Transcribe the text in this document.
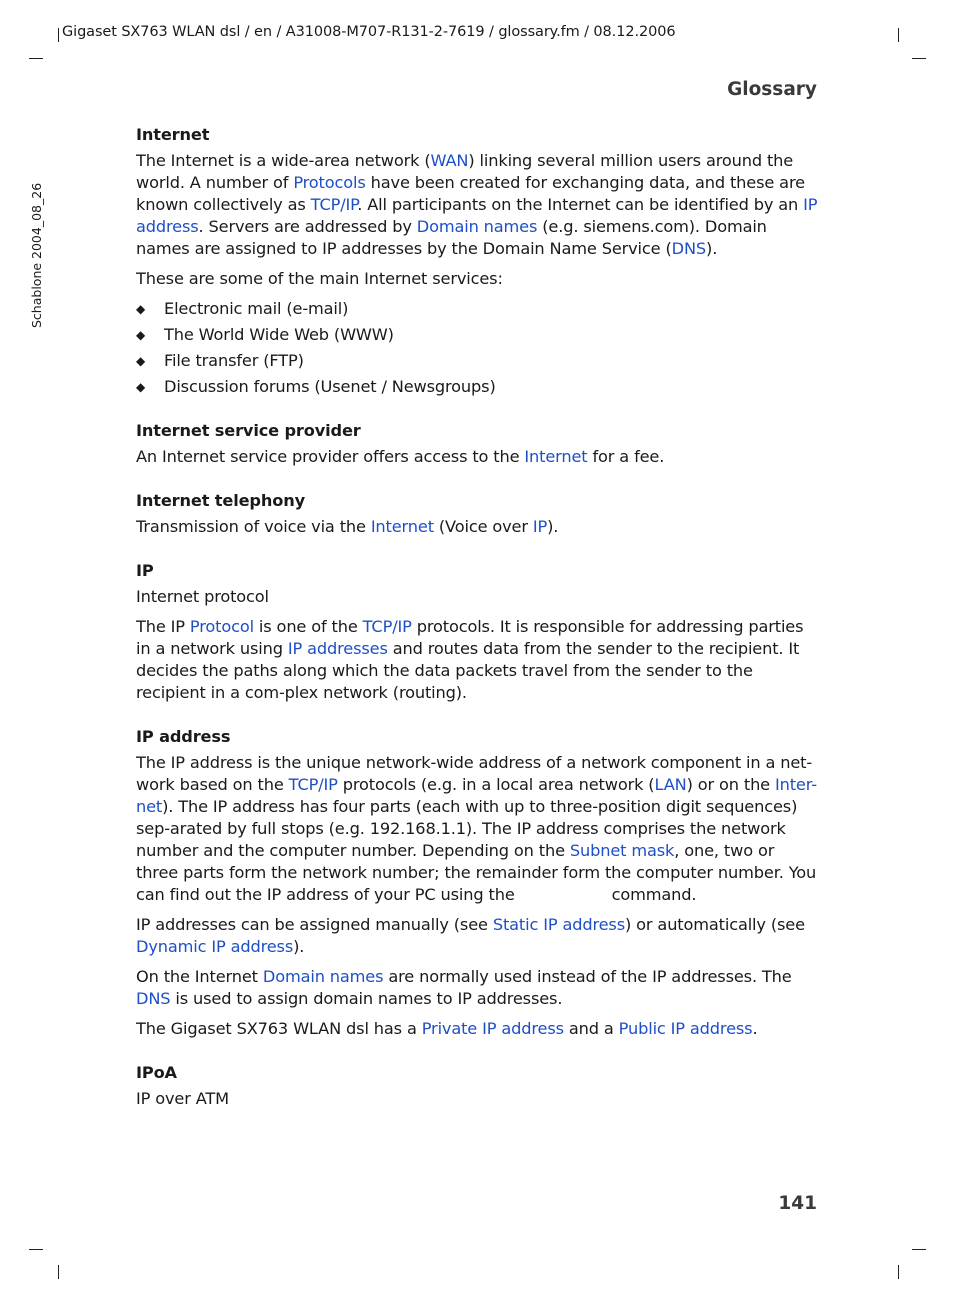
Gigaset SX763 WLAN dsl / en / A31008-M707-R131-2-7619 / glossary.fm / 08.12.2006
Schablone 2004_08_26
Glossary
Internet

The Internet is a wide-area network (WAN) linking several million users around the world. A number of Protocols have been created for exchanging data, and these are known collectively as TCP/IP. All participants on the Internet can be identified by an IP address. Servers are addressed by Domain names (e.g. siemens.com). Domain names are assigned to IP addresses by the Domain Name Service (DNS).

These are some of the main Internet services:

◆ Electronic mail (e-mail)
◆ The World Wide Web (WWW)
◆ File transfer (FTP)
◆ Discussion forums (Usenet / Newsgroups)
Internet service provider

An Internet service provider offers access to the Internet for a fee.

Internet telephony

Transmission of voice via the Internet (Voice over IP).

IP

Internet protocol

The IP Protocol is one of the TCP/IP protocols. It is responsible for addressing parties in a network using IP addresses and routes data from the sender to the recipient. It decides the paths along which the data packets travel from the sender to the recipient in a com-plex network (routing).

IP address

The IP address is the unique network-wide address of a network component in a net-work based on the TCP/IP protocols (e.g. in a local area network (LAN) or on the Inter-net). The IP address has four parts (each with up to three-position digit sequences) sep-arated by full stops (e.g. 192.168.1.1). The IP address comprises the network number and the computer number. Depending on the Subnet mask, one, two or three parts form the network number; the remainder form the computer number. You can find out the IP address of your PC using the	command.

IP addresses can be assigned manually (see Static IP address) or automatically (see Dynamic IP address).

On the Internet Domain names are normally used instead of the IP addresses. The DNS is used to assign domain names to IP addresses.

The Gigaset SX763 WLAN dsl has a Private IP address and a Public IP address.

IPoA

IP over ATM

141
